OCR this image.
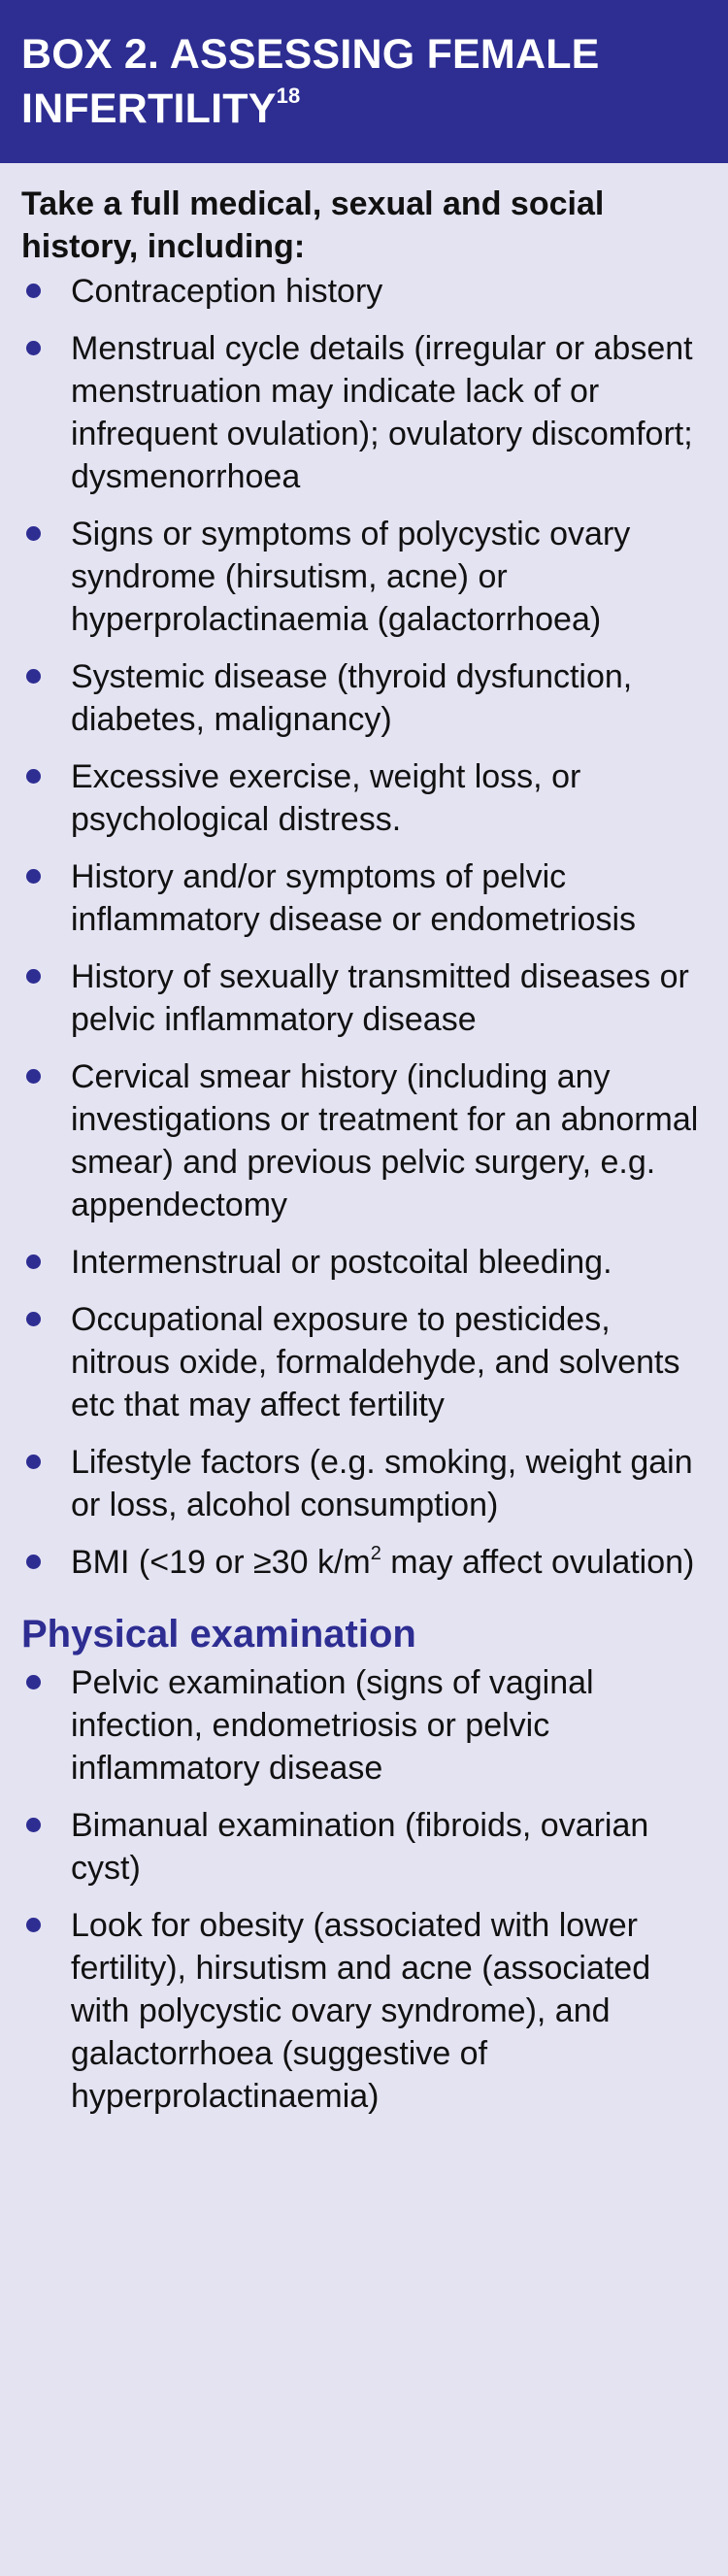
BOX 2. ASSESSING FEMALE
INFERTILITY$^{18}$

Take a full medical, sexual and social history, including:

Contraception history
Menstrual cycle details (irregular or absent menstruation may indicate lack of or infrequent ovulation); ovulatory discomfort; dysmenorrhoea
Signs or symptoms of polycystic ovary syndrome (hirsutism, acne) or hyperprolactinaemia (galactorrhoea)
Systemic disease (thyroid dysfunction, diabetes, malignancy)
Excessive exercise, weight loss, or psychological distress.
History and/or symptoms of pelvic inflammatory disease or endometriosis
History of sexually transmitted diseases or pelvic inflammatory disease
Cervical smear history (including any investigations or treatment for an abnormal smear) and previous pelvic surgery, e.g. appendectomy
Intermenstrual or postcoital bleeding.
Occupational exposure to pesticides, nitrous oxide, formaldehyde, and solvents etc that may affect fertility
Lifestyle factors (e.g. smoking, weight gain or loss, alcohol consumption)
BMI (<19 or ≥30 $k/m^2$ may affect ovulation)
Physical examination
Pelvic examination (signs of vaginal infection, endometriosis or pelvic inflammatory disease
Bimanual examination (fibroids, ovarian cyst)
Look for obesity (associated with lower fertility), hirsutism and acne (associated with polycystic ovary syndrome), and galactorrhoea (suggestive of hyperprolactinaemia)
